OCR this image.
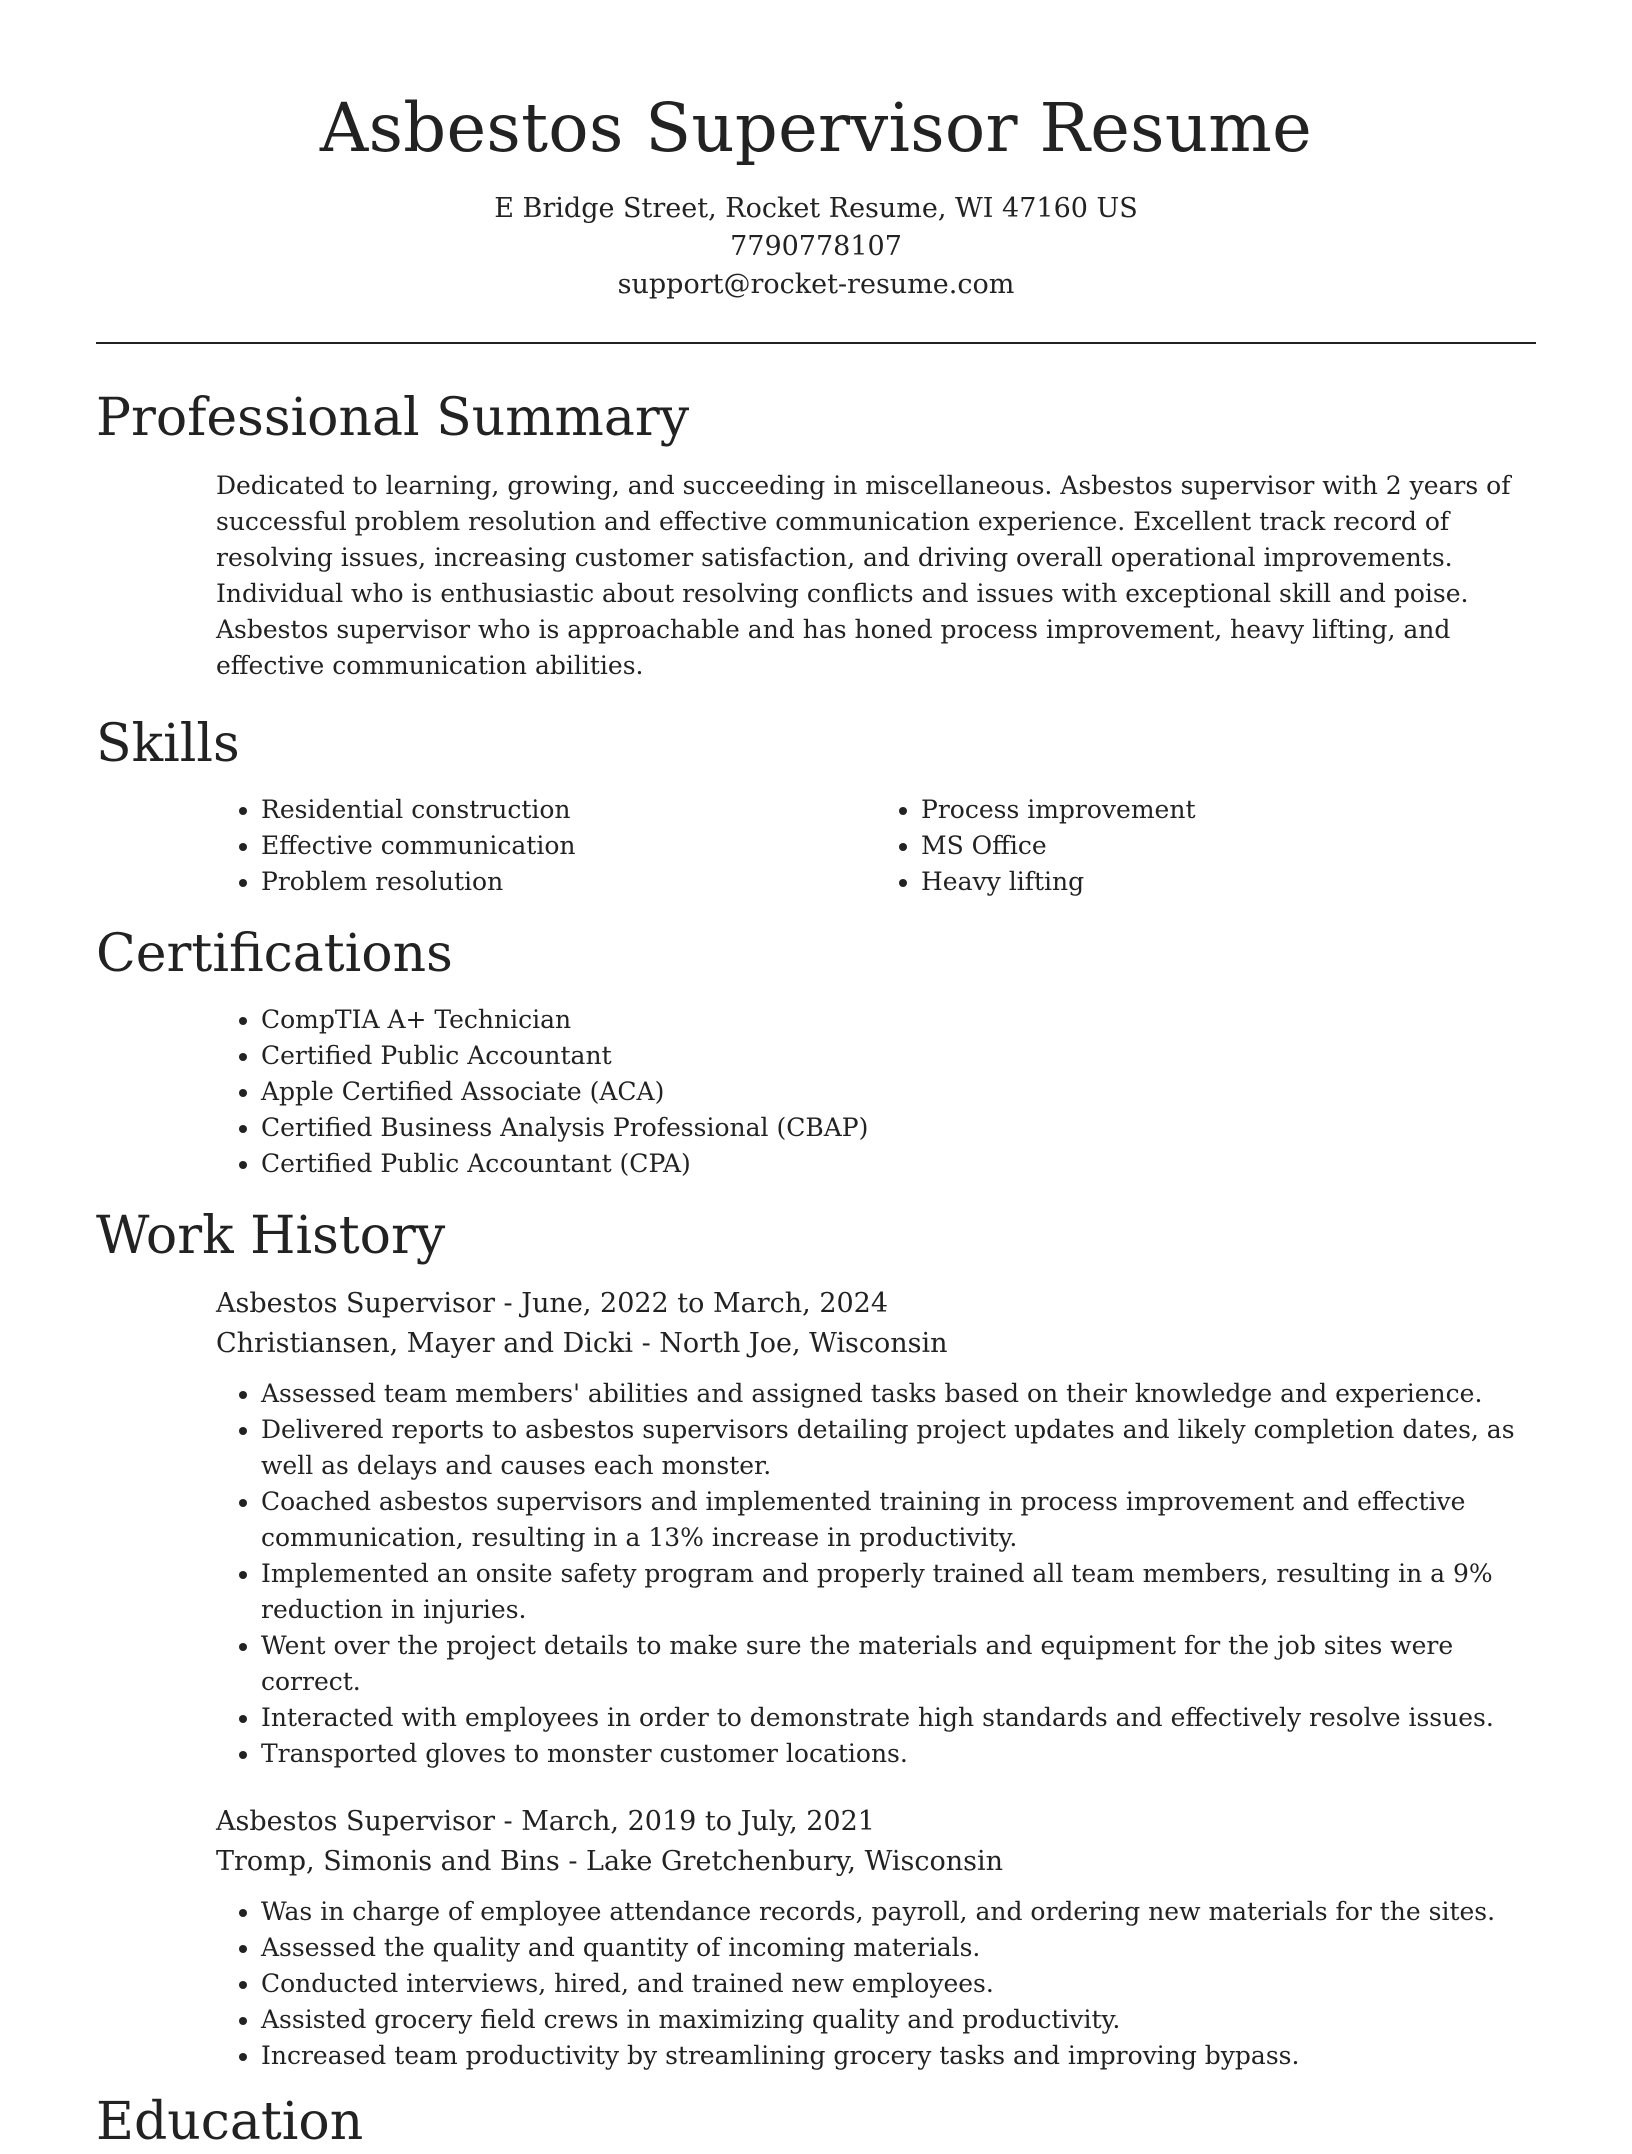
Asbestos Supervisor Resume
E Bridge Street, Rocket Resume, WI 47160 US
7790778107
support@rocket-resume.com
Professional Summary

Dedicated to learning, growing, and succeeding in miscellaneous. Asbestos supervisor with 2 years of successful problem resolution and effective communication experience. Excellent track record of resolving issues, increasing customer satisfaction, and driving overall operational improvements. Individual who is enthusiastic about resolving conflicts and issues with exceptional skill and poise. Asbestos supervisor who is approachable and has honed process improvement, heavy lifting, and effective communication abilities.

Skills
• Residential construction
• Effective communication
• Problem resolution
• Process improvement
• MS Office
• Heavy lifting
Certifications
• CompTIA A+ Technician
• Certified Public Accountant
• Apple Certified Associate (ACA)
• Certified Business Analysis Professional (CBAP)
• Certified Public Accountant (CPA)
Work History
Asbestos Supervisor - June, 2022 to March, 2024
Christiansen, Mayer and Dicki - North Joe, Wisconsin
• Assessed team members' abilities and assigned tasks based on their knowledge and experience.
• Delivered reports to asbestos supervisors detailing project updates and likely completion dates, as well as delays and causes each monster.
• Coached asbestos supervisors and implemented training in process improvement and effective communication, resulting in a 13% increase in productivity.
• Implemented an onsite safety program and properly trained all team members, resulting in a 9% reduction in injuries.
• Went over the project details to make sure the materials and equipment for the job sites were correct.
• Interacted with employees in order to demonstrate high standards and effectively resolve issues.
• Transported gloves to monster customer locations.
Asbestos Supervisor - March, 2019 to July, 2021
Tromp, Simonis and Bins - Lake Gretchenbury, Wisconsin
• Was in charge of employee attendance records, payroll, and ordering new materials for the sites.
• Assessed the quality and quantity of incoming materials.
• Conducted interviews, hired, and trained new employees.
• Assisted grocery field crews in maximizing quality and productivity.
• Increased team productivity by streamlining grocery tasks and improving bypass.
Education
